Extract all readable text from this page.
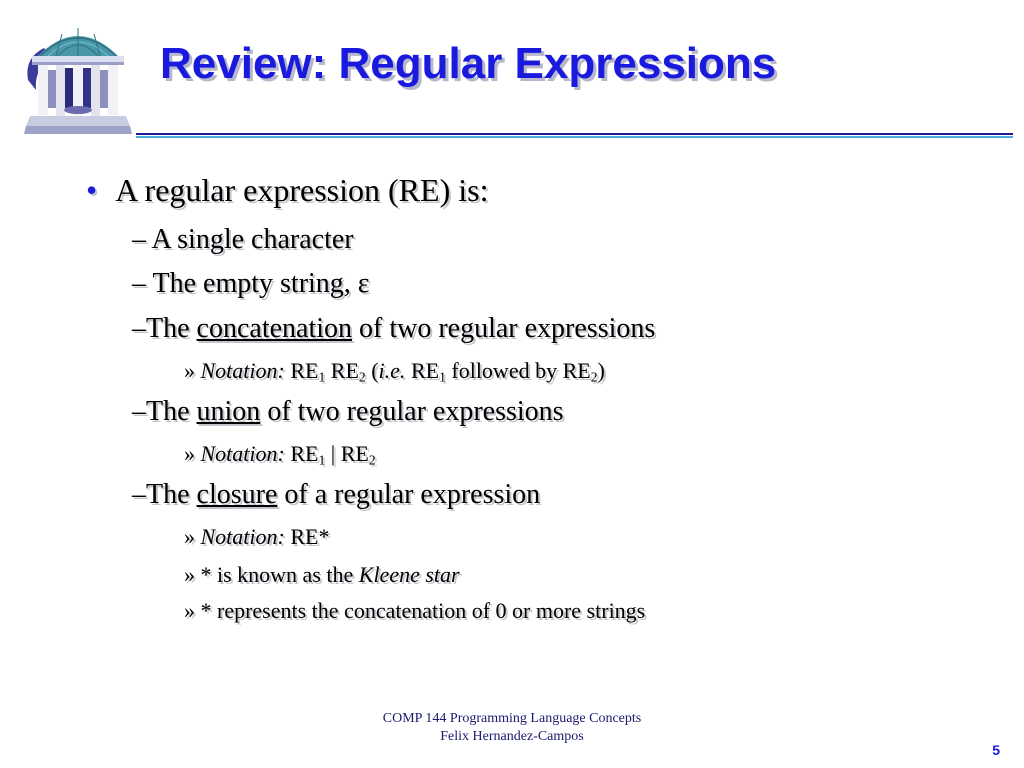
Review: Regular Expressions
• A regular expression (RE) is:
– A single character
– The empty string, ε
–The concatenation of two regular expressions
» Notation: $RE_1$ $RE_2$ (i.e. $RE_1$ followed by $RE_2$)
–The union of two regular expressions
» Notation: $RE_1$ | $RE_2$
–The closure of a regular expression
» Notation: RE*
» * is known as the Kleene star
» * represents the concatenation of 0 or more strings
COMP 144 Programming Language Concepts
Felix Hernandez-Campos
5
